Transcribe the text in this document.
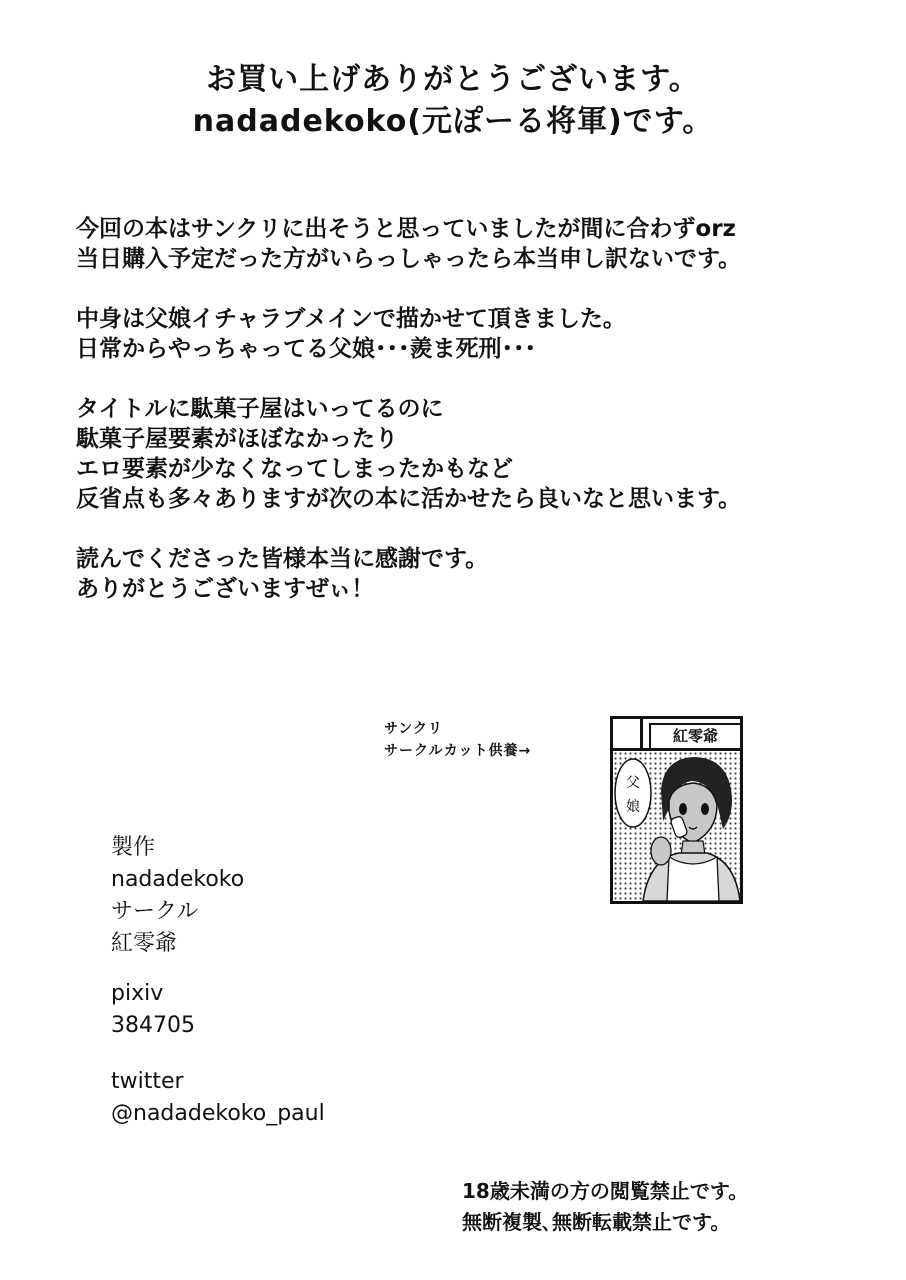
お買い上げありがとうございます。
nadadekoko(元ぽーる将軍)です。

今回の本はサンクリに出そうと思っていましたが間に合わずorz
当日購入予定だった方がいらっしゃったら本当申し訳ないです。

中身は父娘イチャラブメインで描かせて頂きました。
日常からやっちゃってる父娘･･･羨ま死刑･･･

タイトルに駄菓子屋はいってるのに
駄菓子屋要素がほぼなかったり
エロ要素が少なくなってしまったかもなど
反省点も多々ありますが次の本に活かせたら良いなと思います。

読んでくださった皆様本当に感謝です。
ありがとうございますぜぃ！

サンクリ
サークルカット供養→
紅零爺
父
娘
製作
nadadekoko
サークル
紅零爺
pixiv
384705
twitter
@nadadekoko_paul
18歳未満の方の閲覧禁止です。
無断複製､無断転載禁止です。
